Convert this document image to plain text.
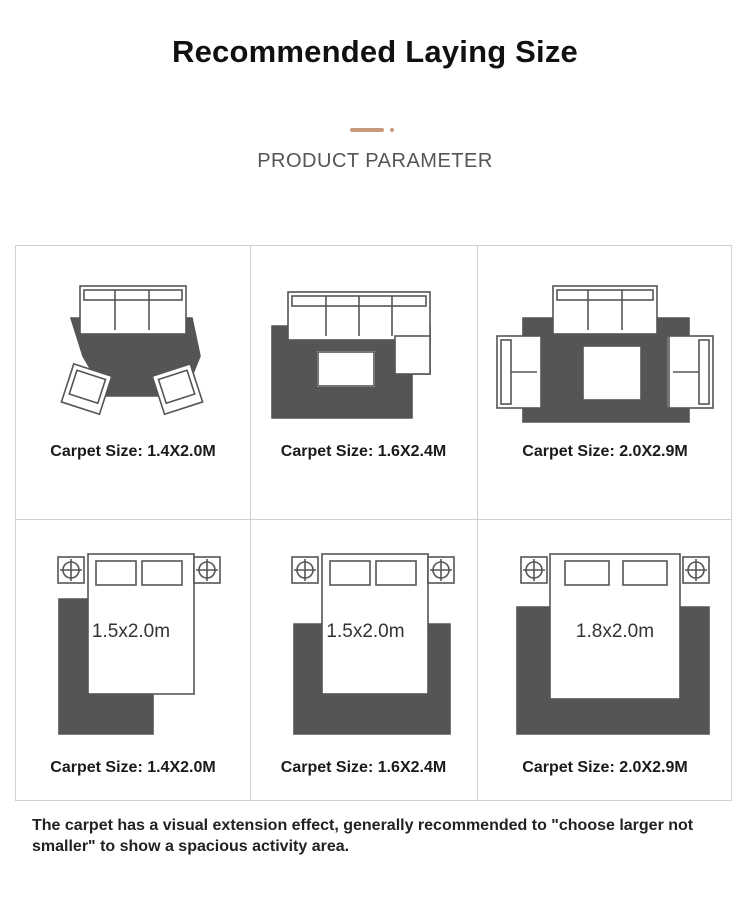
Recommended Laying Size
PRODUCT PARAMETER
Carpet Size: 1.4X2.0M	Carpet Size: 1.6X2.4M	Carpet Size: 2.0X2.9M
1.5x2.0m
Carpet Size: 1.4X2.0M
1.5x2.0m
Carpet Size: 1.6X2.4M
1.8x2.0m
Carpet Size: 2.0X2.9M
The carpet has a visual extension effect, generally recommended to "choose larger not smaller" to show a spacious activity area.
